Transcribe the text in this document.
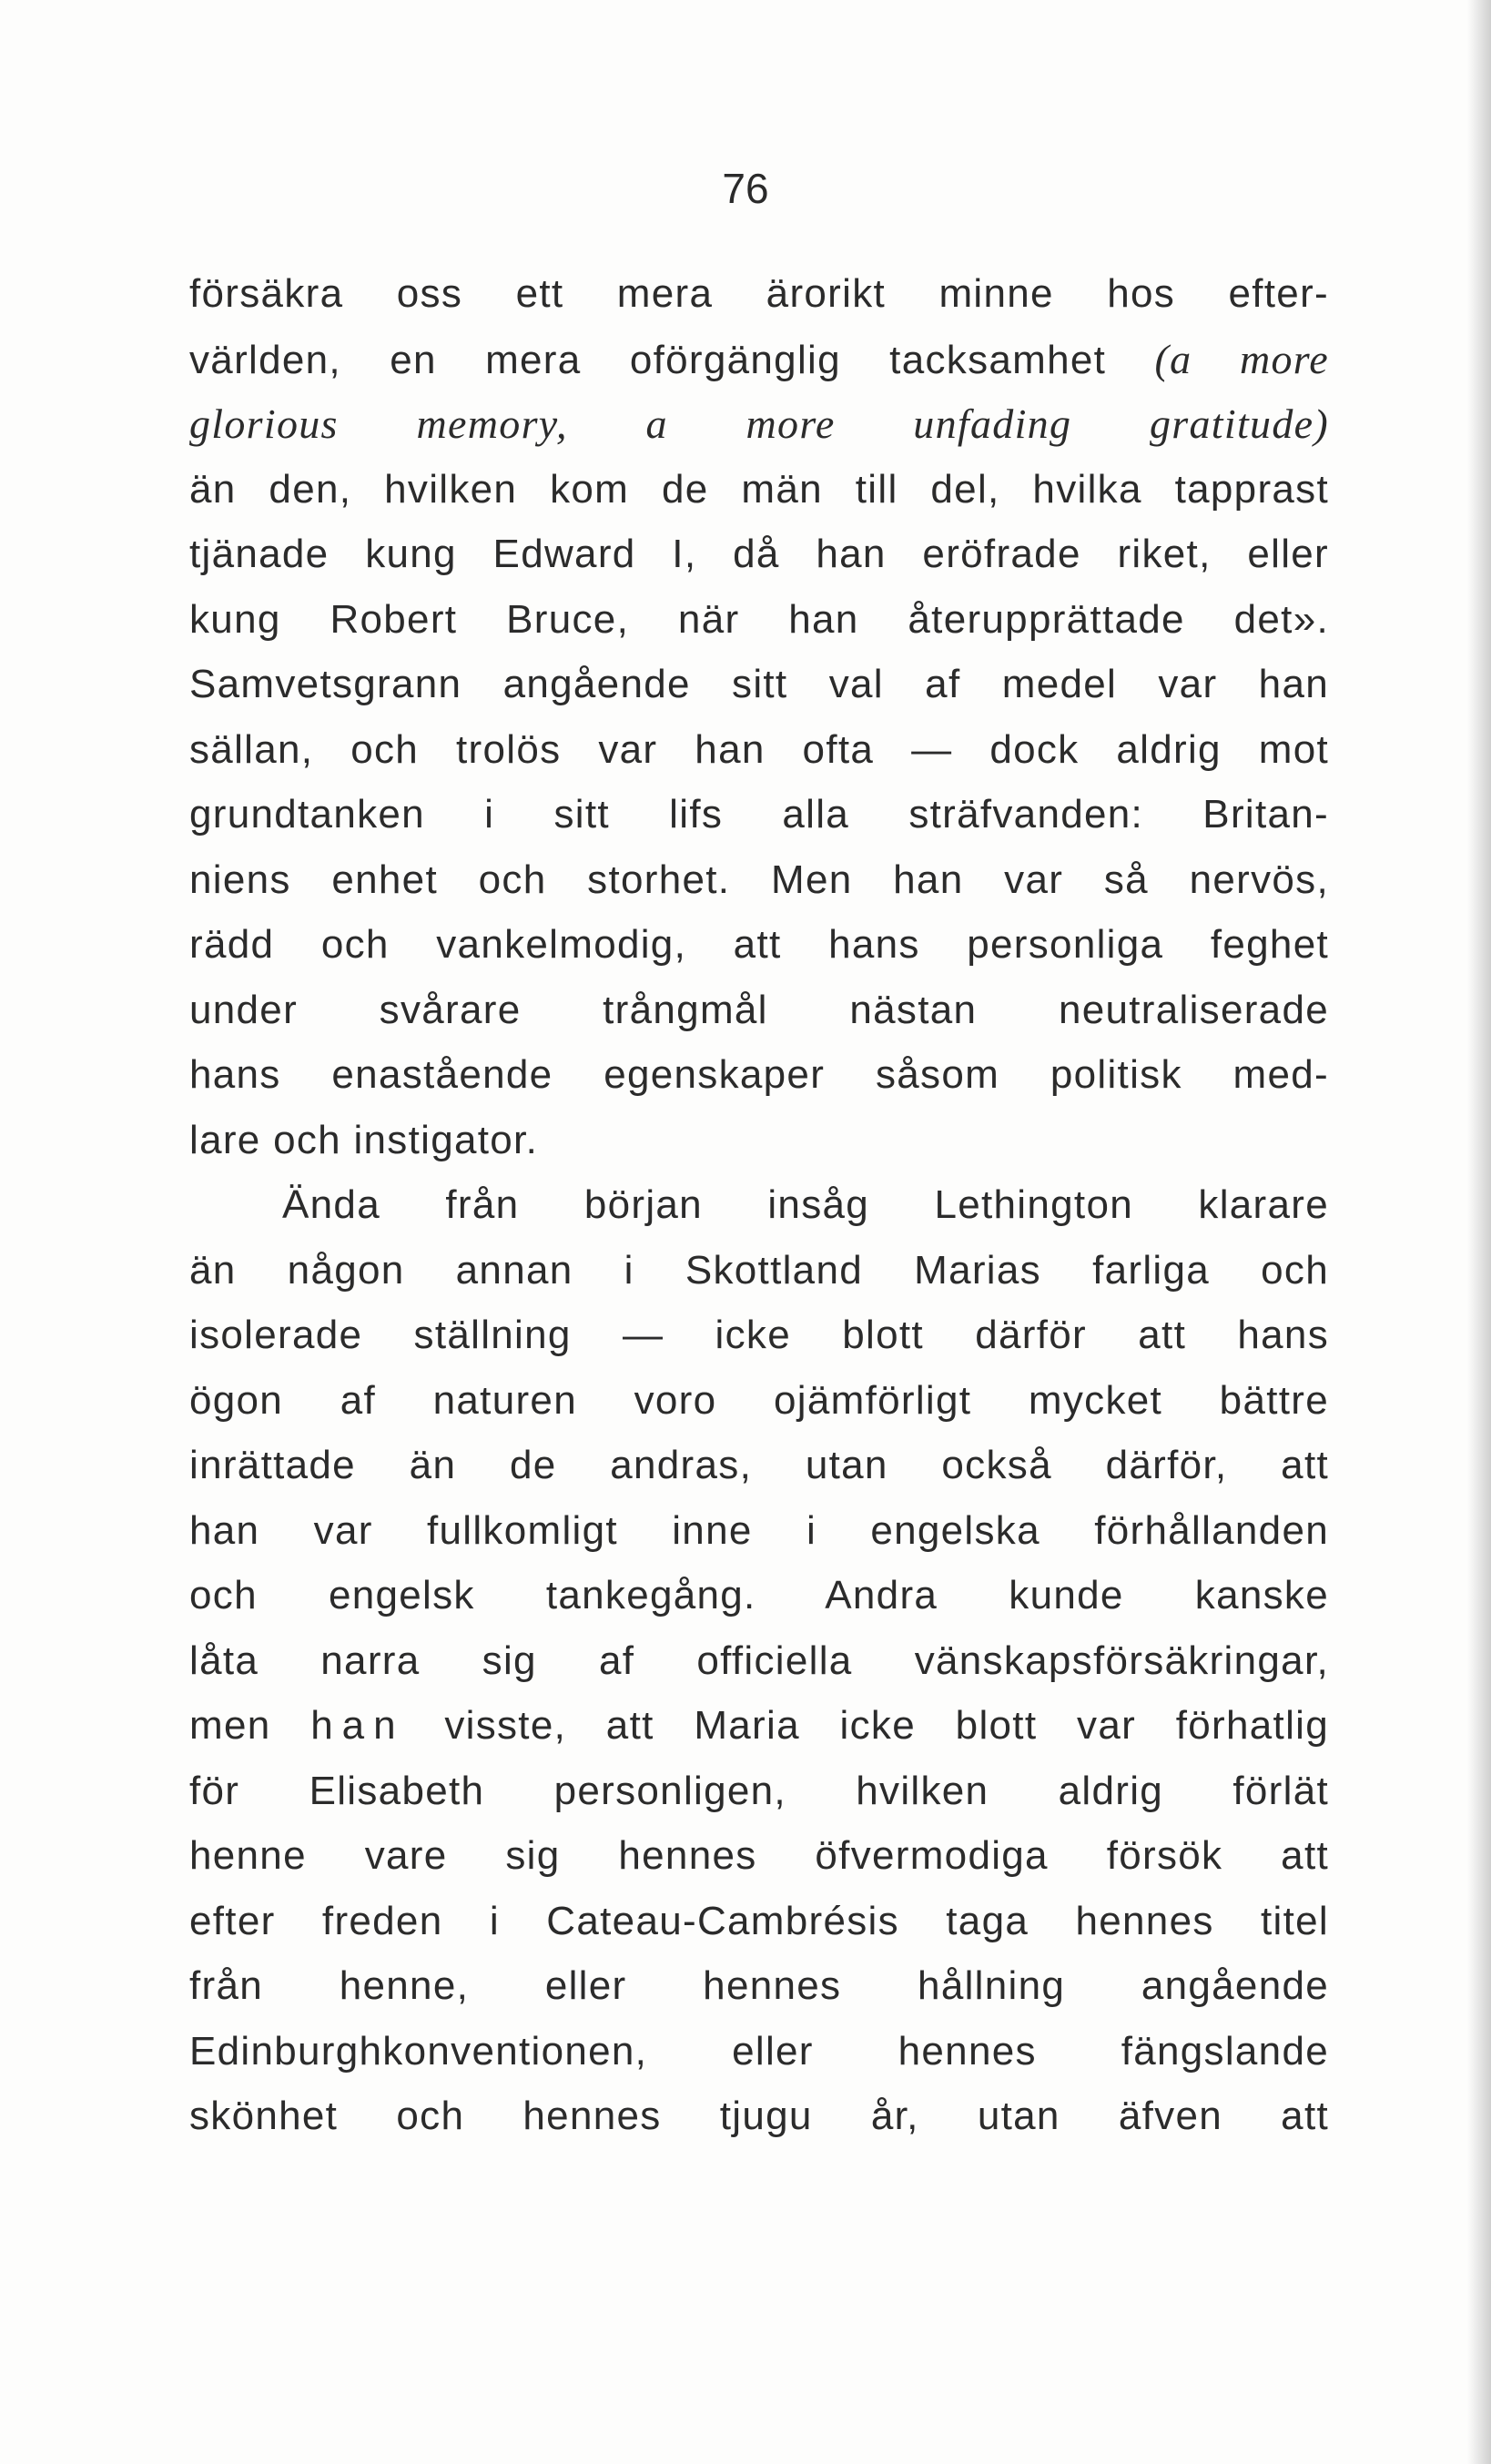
76

försäkra oss ett mera ärorikt minne hos efter-
världen, en mera oförgänglig tacksamhet (a more
glorious memory, a more unfading gratitude)
än den, hvilken kom de män till del, hvilka tapprast
tjänade kung Edward I, då han eröfrade riket, eller
kung Robert Bruce, när han återupprättade det».
Samvetsgrann angående sitt val af medel var han
sällan, och trolös var han ofta — dock aldrig mot
grundtanken i sitt lifs alla sträfvanden: Britan-
niens enhet och storhet. Men han var så nervös,
rädd och vankelmodig, att hans personliga feghet
under svårare trångmål nästan neutraliserade
hans enastående egenskaper såsom politisk med-
lare och instigator.
Ända från början insåg Lethington klarare
än någon annan i Skottland Marias farliga och
isolerade ställning — icke blott därför att hans
ögon af naturen voro ojämförligt mycket bättre
inrättade än de andras, utan också därför, att
han var fullkomligt inne i engelska förhållanden
och engelsk tankegång. Andra kunde kanske
låta narra sig af officiella vänskapsförsäkringar,
men han visste, att Maria icke blott var förhatlig
för Elisabeth personligen, hvilken aldrig förlät
henne vare sig hennes öfvermodiga försök att
efter freden i Cateau-Cambrésis taga hennes titel
från henne, eller hennes hållning angående
Edinburghkonventionen, eller hennes fängslande
skönhet och hennes tjugu år, utan äfven att
